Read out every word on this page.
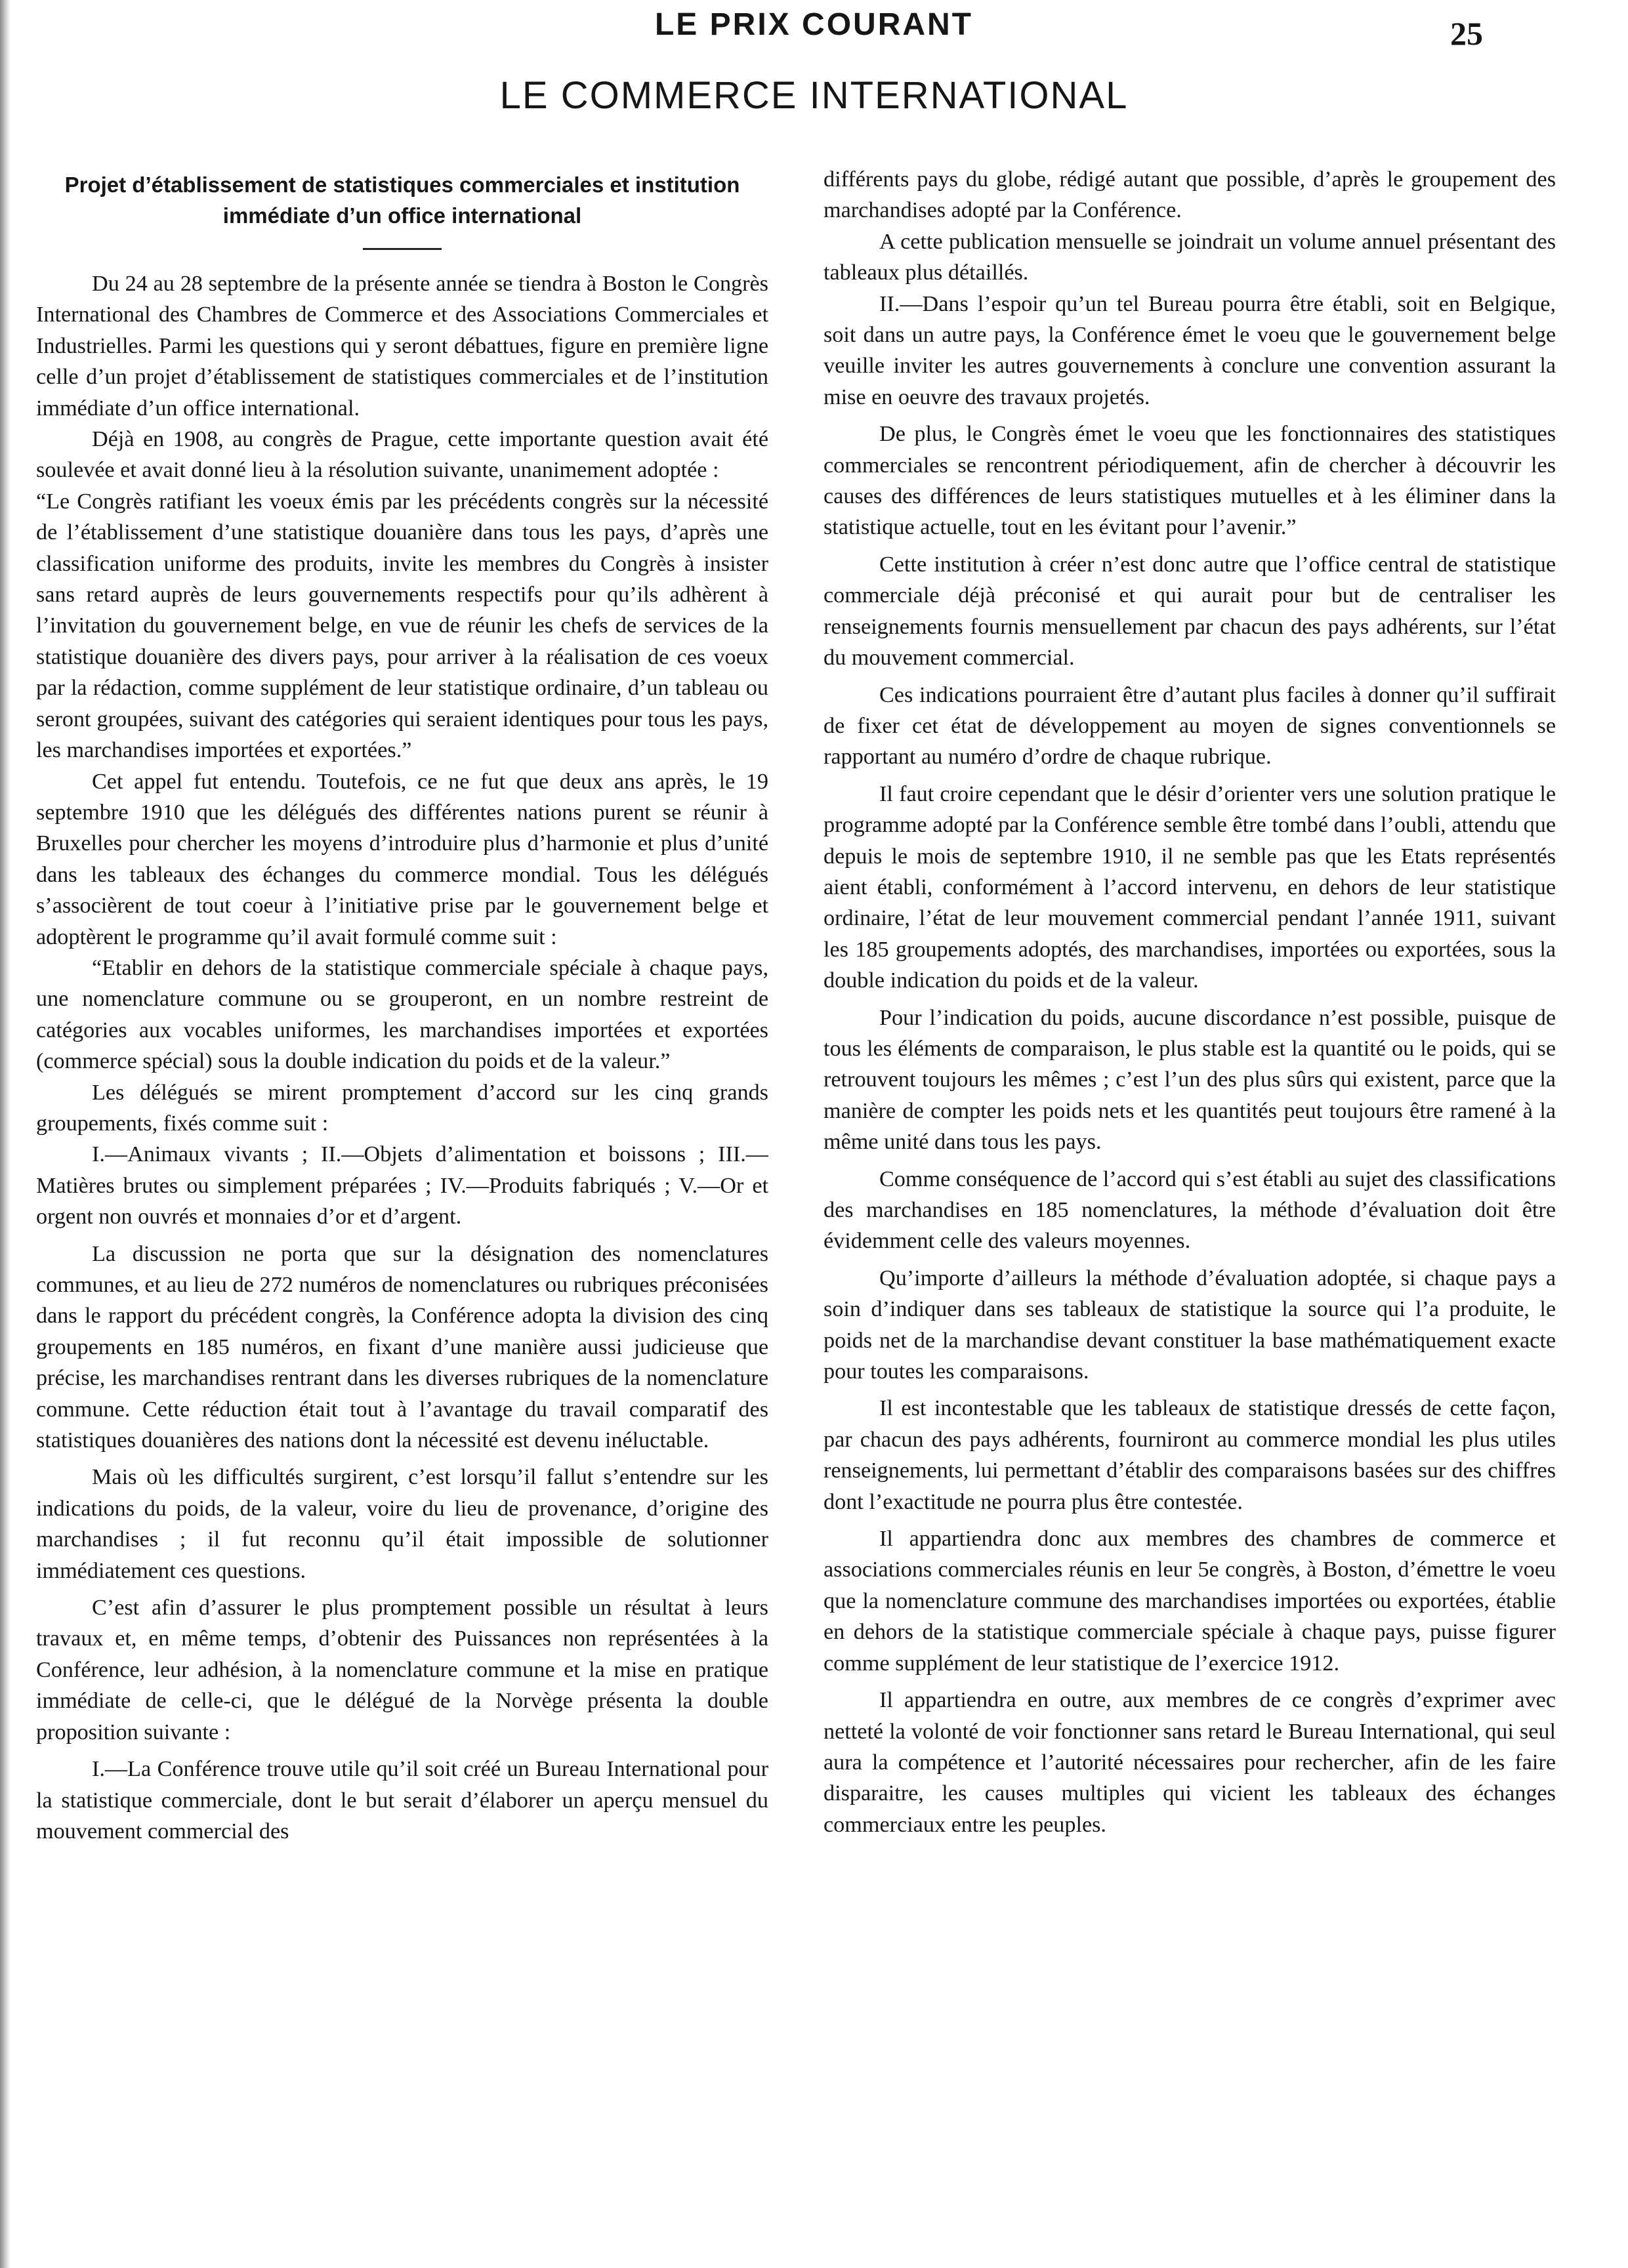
LE PRIX COURANT	25
LE COMMERCE INTERNATIONAL
Projet d’établissement de statistiques commerciales et institution immédiate d’un office international

Du 24 au 28 septembre de la présente année se tiendra à Boston le Congrès International des Chambres de Commerce et des Associations Commerciales et Industrielles. Parmi les questions qui y seront débattues, figure en première ligne celle d’un projet d’établissement de statistiques commerciales et de l’institution immédiate d’un office international.

Déjà en 1908, au congrès de Prague, cette importante question avait été soulevée et avait donné lieu à la résolution suivante, unanimement adoptée :

“Le Congrès ratifiant les voeux émis par les précédents congrès sur la nécessité de l’établissement d’une statistique douanière dans tous les pays, d’après une classification uniforme des produits, invite les membres du Congrès à insister sans retard auprès de leurs gouvernements respectifs pour qu’ils adhèrent à l’invitation du gouvernement belge, en vue de réunir les chefs de services de la statistique douanière des divers pays, pour arriver à la réalisation de ces voeux par la rédaction, comme supplément de leur statistique ordinaire, d’un tableau ou seront groupées, suivant des catégories qui seraient identiques pour tous les pays, les marchandises importées et exportées.”

Cet appel fut entendu. Toutefois, ce ne fut que deux ans après, le 19 septembre 1910 que les délégués des différentes nations purent se réunir à Bruxelles pour chercher les moyens d’introduire plus d’harmonie et plus d’unité dans les tableaux des échanges du commerce mondial. Tous les délégués s’associèrent de tout coeur à l’initiative prise par le gouvernement belge et adoptèrent le programme qu’il avait formulé comme suit :

“Etablir en dehors de la statistique commerciale spéciale à chaque pays, une nomenclature commune ou se grouperont, en un nombre restreint de catégories aux vocables uniformes, les marchandises importées et exportées (commerce spécial) sous la double indication du poids et de la valeur.”

Les délégués se mirent promptement d’accord sur les cinq grands groupements, fixés comme suit :

I.—Animaux vivants ; II.—Objets d’alimentation et boissons ; III.—Matières brutes ou simplement préparées ; IV.—Produits fabriqués ; V.—Or et orgent non ouvrés et monnaies d’or et d’argent.

La discussion ne porta que sur la désignation des nomenclatures communes, et au lieu de 272 numéros de nomenclatures ou rubriques préconisées dans le rapport du précédent congrès, la Conférence adopta la division des cinq groupements en 185 numéros, en fixant d’une manière aussi judicieuse que précise, les marchandises rentrant dans les diverses rubriques de la nomenclature commune. Cette réduction était tout à l’avantage du travail comparatif des statistiques douanières des nations dont la nécessité est devenu inéluctable.

Mais où les difficultés surgirent, c’est lorsqu’il fallut s’entendre sur les indications du poids, de la valeur, voire du lieu de provenance, d’origine des marchandises ; il fut reconnu qu’il était impossible de solutionner immédiatement ces questions.

C’est afin d’assurer le plus promptement possible un résultat à leurs travaux et, en même temps, d’obtenir des Puissances non représentées à la Conférence, leur adhésion, à la nomenclature commune et la mise en pratique immédiate de celle-ci, que le délégué de la Norvège présenta la double proposition suivante :

I.—La Conférence trouve utile qu’il soit créé un Bureau International pour la statistique commerciale, dont le but serait d’élaborer un aperçu mensuel du mouvement commercial des

différents pays du globe, rédigé autant que possible, d’après le groupement des marchandises adopté par la Conférence.

A cette publication mensuelle se joindrait un volume annuel présentant des tableaux plus détaillés.

II.—Dans l’espoir qu’un tel Bureau pourra être établi, soit en Belgique, soit dans un autre pays, la Conférence émet le voeu que le gouvernement belge veuille inviter les autres gouvernements à conclure une convention assurant la mise en oeuvre des travaux projetés.

De plus, le Congrès émet le voeu que les fonctionnaires des statistiques commerciales se rencontrent périodiquement, afin de chercher à découvrir les causes des différences de leurs statistiques mutuelles et à les éliminer dans la statistique actuelle, tout en les évitant pour l’avenir.”

Cette institution à créer n’est donc autre que l’office central de statistique commerciale déjà préconisé et qui aurait pour but de centraliser les renseignements fournis mensuellement par chacun des pays adhérents, sur l’état du mouvement commercial.

Ces indications pourraient être d’autant plus faciles à donner qu’il suffirait de fixer cet état de développement au moyen de signes conventionnels se rapportant au numéro d’ordre de chaque rubrique.

Il faut croire cependant que le désir d’orienter vers une solution pratique le programme adopté par la Conférence semble être tombé dans l’oubli, attendu que depuis le mois de septembre 1910, il ne semble pas que les Etats représentés aient établi, conformément à l’accord intervenu, en dehors de leur statistique ordinaire, l’état de leur mouvement commercial pendant l’année 1911, suivant les 185 groupements adoptés, des marchandises, importées ou exportées, sous la double indication du poids et de la valeur.

Pour l’indication du poids, aucune discordance n’est possible, puisque de tous les éléments de comparaison, le plus stable est la quantité ou le poids, qui se retrouvent toujours les mêmes ; c’est l’un des plus sûrs qui existent, parce que la manière de compter les poids nets et les quantités peut toujours être ramené à la même unité dans tous les pays.

Comme conséquence de l’accord qui s’est établi au sujet des classifications des marchandises en 185 nomenclatures, la méthode d’évaluation doit être évidemment celle des valeurs moyennes.

Qu’importe d’ailleurs la méthode d’évaluation adoptée, si chaque pays a soin d’indiquer dans ses tableaux de statistique la source qui l’a produite, le poids net de la marchandise devant constituer la base mathématiquement exacte pour toutes les comparaisons.

Il est incontestable que les tableaux de statistique dressés de cette façon, par chacun des pays adhérents, fourniront au commerce mondial les plus utiles renseignements, lui permettant d’établir des comparaisons basées sur des chiffres dont l’exactitude ne pourra plus être contestée.

Il appartiendra donc aux membres des chambres de commerce et associations commerciales réunis en leur 5e congrès, à Boston, d’émettre le voeu que la nomenclature commune des marchandises importées ou exportées, établie en dehors de la statistique commerciale spéciale à chaque pays, puisse figurer comme supplément de leur statistique de l’exercice 1912.

Il appartiendra en outre, aux membres de ce congrès d’exprimer avec netteté la volonté de voir fonctionner sans retard le Bureau International, qui seul aura la compétence et l’autorité nécessaires pour rechercher, afin de les faire disparaitre, les causes multiples qui vicient les tableaux des échanges commerciaux entre les peuples.
